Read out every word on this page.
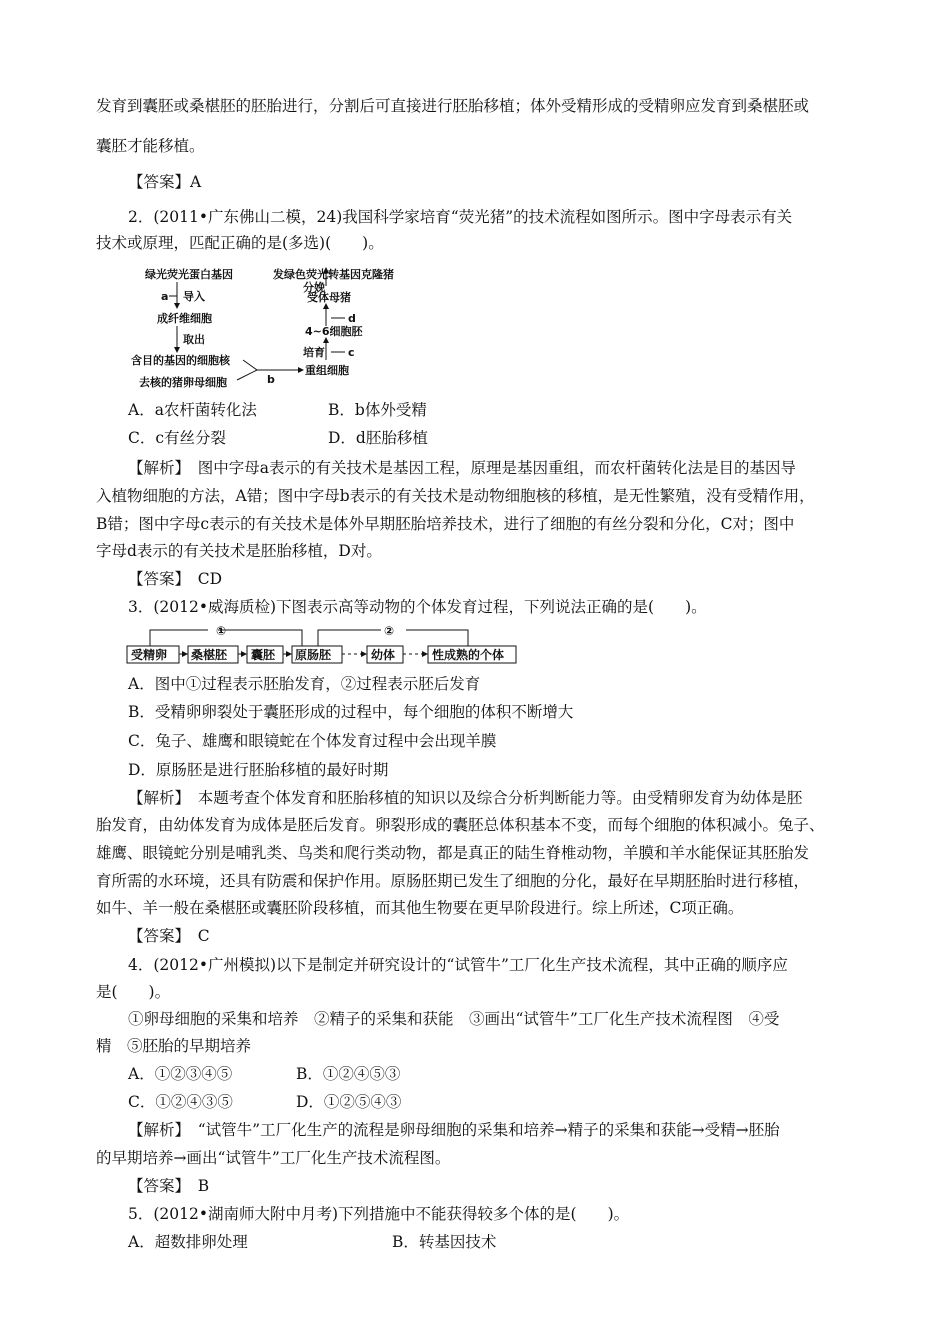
发育到囊胚或桑椹胚的胚胎进行，分割后可直接进行胚胎移植；体外受精形成的受精卵应发育到桑椹胚或
囊胚才能移植。
【答案】A
2．(2011•广东佛山二模，24)我国科学家培育“荧光猪”的技术流程如图所示。图中字母表示有关
技术或原理，匹配正确的是(多选)(　　)。
绿光荧光蛋白基因
a 导入
成纤维细胞
取出
含目的基因的细胞核
去核的猪卵母细胞	b
重组细胞
培育 c
4~6细胞胚
d
受体母猪
分娩
发绿色荧光转基因克隆猪
A．a农杆菌转化法	B．b体外受精
C．c有丝分裂	D．d胚胎移植
【解析】　图中字母a表示的有关技术是基因工程，原理是基因重组，而农杆菌转化法是目的基因导
入植物细胞的方法，A错；图中字母b表示的有关技术是动物细胞核的移植，是无性繁殖，没有受精作用，
B错；图中字母c表示的有关技术是体外早期胚胎培养技术，进行了细胞的有丝分裂和分化，C对；图中
字母d表示的有关技术是胚胎移植，D对。
【答案】　CD
3．(2012•威海质检)下图表示高等动物的个体发育过程，下列说法正确的是(　　)。
①	②
受精卵 桑椹胚 囊胚 原肠胚	幼体	性成熟的个体
A．图中①过程表示胚胎发育，②过程表示胚后发育
B．受精卵卵裂处于囊胚形成的过程中，每个细胞的体积不断增大
C．兔子、雄鹰和眼镜蛇在个体发育过程中会出现羊膜
D．原肠胚是进行胚胎移植的最好时期
【解析】　本题考查个体发育和胚胎移植的知识以及综合分析判断能力等。由受精卵发育为幼体是胚
胎发育，由幼体发育为成体是胚后发育。卵裂形成的囊胚总体积基本不变，而每个细胞的体积减小。兔子、
雄鹰、眼镜蛇分别是哺乳类、鸟类和爬行类动物，都是真正的陆生脊椎动物，羊膜和羊水能保证其胚胎发
育所需的水环境，还具有防震和保护作用。原肠胚期已发生了细胞的分化，最好在早期胚胎时进行移植，
如牛、羊一般在桑椹胚或囊胚阶段移植，而其他生物要在更早阶段进行。综上所述，C项正确。
【答案】　C
4．(2012•广州模拟)以下是制定并研究设计的“试管牛”工厂化生产技术流程，其中正确的顺序应
是(　　)。
①卵母细胞的采集和培养　②精子的采集和获能　③画出“试管牛”工厂化生产技术流程图　④受
精　⑤胚胎的早期培养
A．①②③④⑤	B．①②④⑤③
C．①②④③⑤	D．①②⑤④③
【解析】　“试管牛”工厂化生产的流程是卵母细胞的采集和培养→精子的采集和获能→受精→胚胎
的早期培养→画出“试管牛”工厂化生产技术流程图。
【答案】　B
5．(2012•湖南师大附中月考)下列措施中不能获得较多个体的是(　　)。
A．超数排卵处理	B．转基因技术
